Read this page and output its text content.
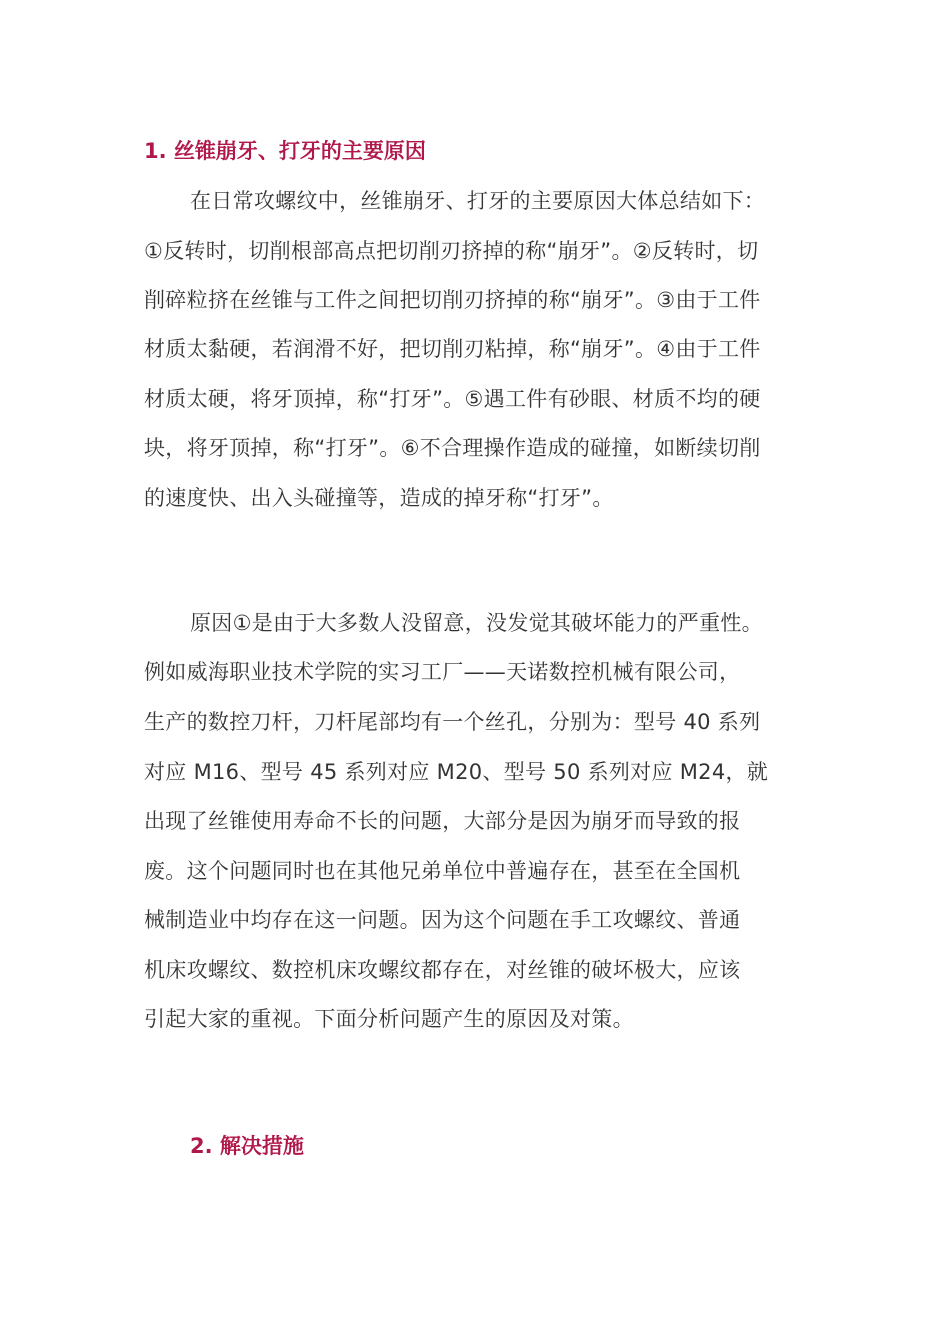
1. 丝锥崩牙、打牙的主要原因

在日常攻螺纹中，丝锥崩牙、打牙的主要原因大体总结如下：

①反转时，切削根部高点把切削刃挤掉的称“崩牙”。②反转时，切

削碎粒挤在丝锥与工件之间把切削刃挤掉的称“崩牙”。③由于工件

材质太黏硬，若润滑不好，把切削刃粘掉，称“崩牙”。④由于工件

材质太硬，将牙顶掉，称“打牙”。⑤遇工件有砂眼、材质不均的硬

块，将牙顶掉，称“打牙”。⑥不合理操作造成的碰撞，如断续切削

的速度快、出入头碰撞等，造成的掉牙称“打牙”。

原因①是由于大多数人没留意，没发觉其破坏能力的严重性。

例如威海职业技术学院的实习工厂——天诺数控机械有限公司，

生产的数控刀杆，刀杆尾部均有一个丝孔，分别为：型号 40 系列

对应 M16、型号 45 系列对应 M20、型号 50 系列对应 M24，就

出现了丝锥使用寿命不长的问题，大部分是因为崩牙而导致的报

废。这个问题同时也在其他兄弟单位中普遍存在，甚至在全国机

械制造业中均存在这一问题。因为这个问题在手工攻螺纹、普通

机床攻螺纹、数控机床攻螺纹都存在，对丝锥的破坏极大，应该

引起大家的重视。下面分析问题产生的原因及对策。

2. 解决措施
